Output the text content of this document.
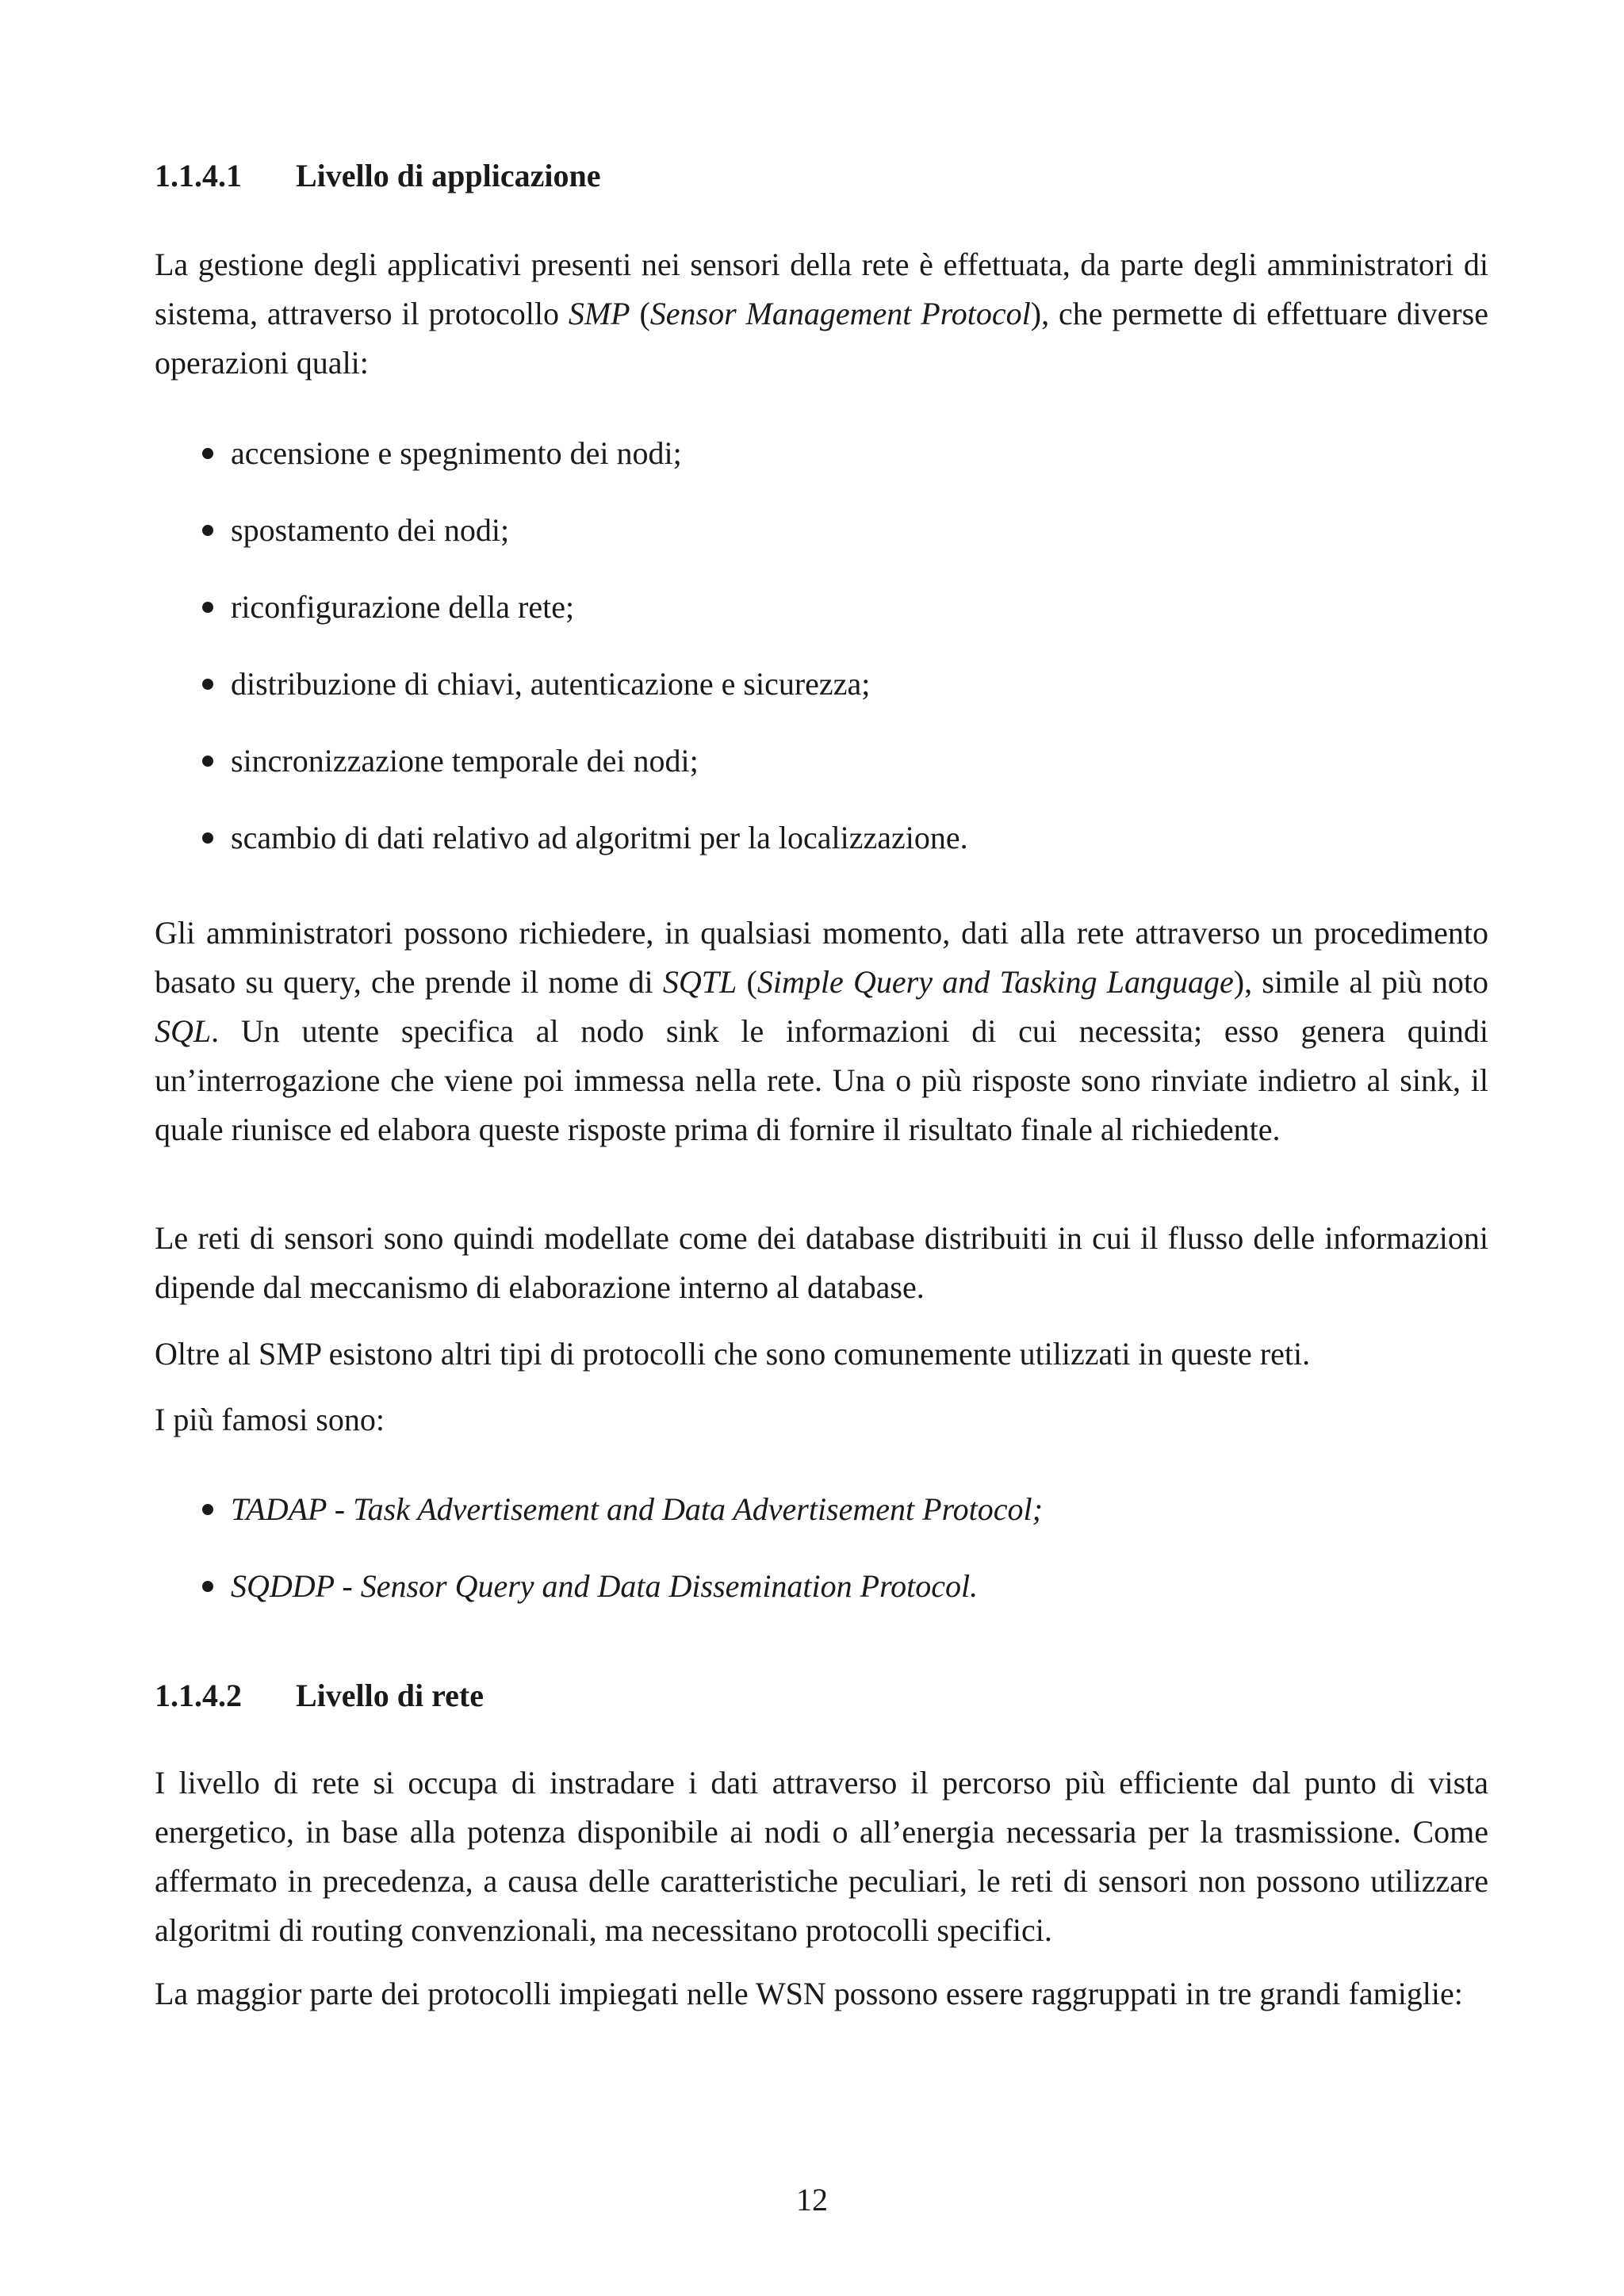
1.1.4.1 Livello di applicazione

La gestione degli applicativi presenti nei sensori della rete è effettuata, da parte degli amministratori di sistema, attraverso il protocollo SMP (Sensor Management Protocol), che permette di effettuare diverse operazioni quali:

accensione e spegnimento dei nodi;
spostamento dei nodi;
riconfigurazione della rete;
distribuzione di chiavi, autenticazione e sicurezza;
sincronizzazione temporale dei nodi;
scambio di dati relativo ad algoritmi per la localizzazione.

Gli amministratori possono richiedere, in qualsiasi momento, dati alla rete attraverso un procedimento basato su query, che prende il nome di SQTL (Simple Query and Tasking Language), simile al più noto SQL. Un utente specifica al nodo sink le informazioni di cui necessita; esso genera quindi un’interrogazione che viene poi immessa nella rete. Una o più risposte sono rinviate indietro al sink, il quale riunisce ed elabora queste risposte prima di fornire il risultato finale al richiedente.

Le reti di sensori sono quindi modellate come dei database distribuiti in cui il flusso delle informazioni dipende dal meccanismo di elaborazione interno al database.

Oltre al SMP esistono altri tipi di protocolli che sono comunemente utilizzati in queste reti.

I più famosi sono:

TADAP - Task Advertisement and Data Advertisement Protocol;
SQDDP - Sensor Query and Data Dissemination Protocol.
1.1.4.2 Livello di rete

I livello di rete si occupa di instradare i dati attraverso il percorso più efficiente dal punto di vista energetico, in base alla potenza disponibile ai nodi o all’energia necessaria per la trasmissione. Come affermato in precedenza, a causa delle caratteristiche peculiari, le reti di sensori non possono utilizzare algoritmi di routing convenzionali, ma necessitano protocolli specifici.

La maggior parte dei protocolli impiegati nelle WSN possono essere raggruppati in tre grandi famiglie:

12
